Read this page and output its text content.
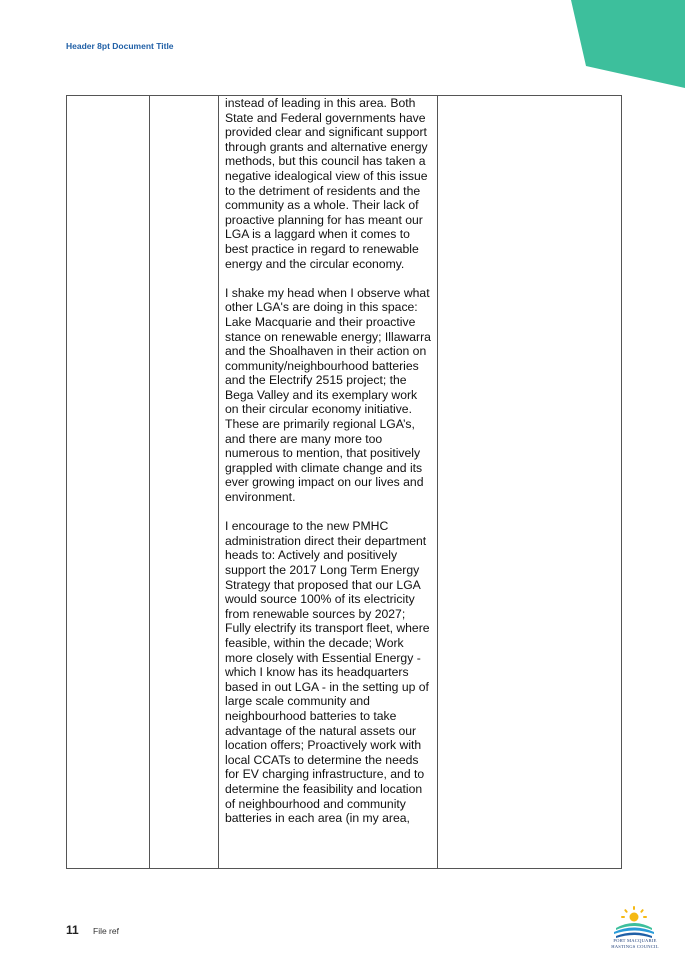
Header 8pt Document Title

instead of leading in this area. Both State and Federal governments have provided clear and significant support through grants and alternative energy methods, but this council has taken a negative idealogical view of this issue to the detriment of residents and the community as a whole. Their lack of proactive planning for has meant our LGA is a laggard when it comes to best practice in regard to renewable energy and the circular economy.

I shake my head when I observe what other LGA's are doing in this space: Lake Macquarie and their proactive stance on renewable energy; Illawarra and the Shoalhaven in their action on community/neighbourhood batteries and the Electrify 2515 project; the Bega Valley and its exemplary work on their circular economy initiative. These are primarily regional LGA’s, and there are many more too numerous to mention, that positively grappled with climate change and its ever growing impact on our lives and environment.

I encourage to the new PMHC administration direct their department heads to: Actively and positively support the 2017 Long Term Energy Strategy that proposed that our LGA would source 100% of its electricity from renewable sources by 2027; Fully electrify its transport fleet, where feasible, within the decade; Work more closely with Essential Energy - which I know has its headquarters based in out LGA - in the setting up of large scale community and neighbourhood batteries to take advantage of the natural assets our location offers; Proactively work with local CCATs to determine the needs for EV charging infrastructure, and to determine the feasibility and location of neighbourhood and community batteries in each area (in my area,

11 File ref
PORT MACQUARIE
HASTINGS COUNCIL
